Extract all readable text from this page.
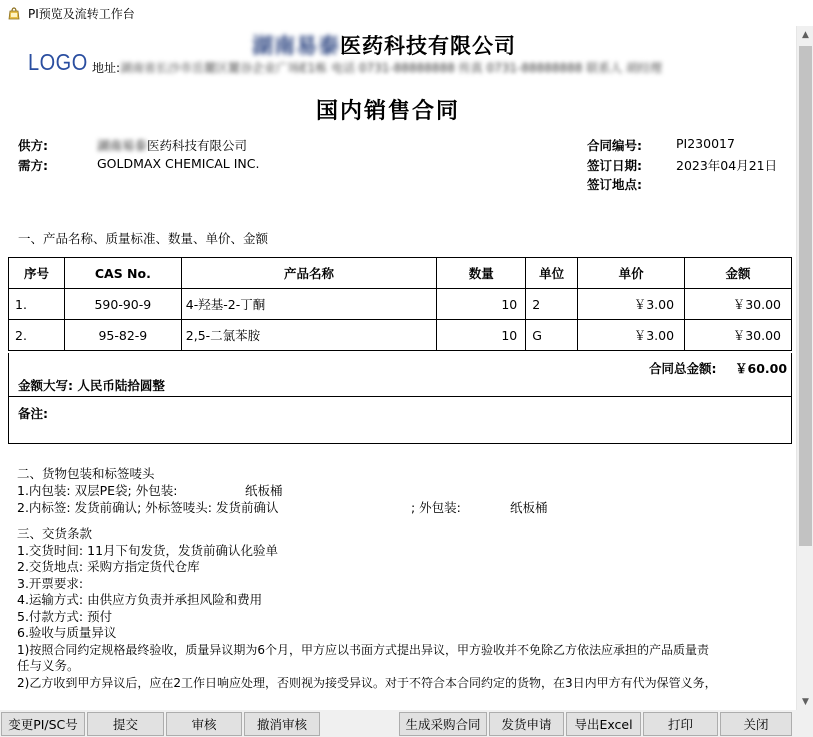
PI预览及流转工作台
湖南易泰医药科技有限公司
LOGO 地址:湖南省长沙市岳麓区麓谷企业广场E1栋 电话 0731-88888888 传真 0731-88888888 联系人 胡经理
国内销售合同
供方:	湖南易泰医药科技有限公司
需方:	GOLDMAX CHEMICAL INC.
合同编号:	PI230017
签订日期:	2023年04月21日
签订地点:
一、产品名称、质量标准、数量、单价、金额
序号	CAS No.	产品名称	数量	单位	单价	金额
1.	590-90-9	4-羟基-2-丁酮	10	2	￥3.00	￥30.00
2.	95-82-9	2,5-二氯苯胺	10	G	￥3.00	￥30.00
合同总金额: ￥60.00
金额大写: 人民币陆拾圆整
备注:
二、货物包装和标签唛头
1.内包装: 双层PE袋; 外包装:	纸板桶
2.内标签: 发货前确认; 外标签唛头: 发货前确认	; 外包装:	纸板桶
三、交货条款
1.交货时间: 11月下旬发货，发货前确认化验单
2.交货地点: 采购方指定货代仓库
3.开票要求:
4.运输方式: 由供应方负责并承担风险和费用
5.付款方式: 预付
6.验收与质量异议
1)按照合同约定规格最终验收，质量异议期为6个月，甲方应以书面方式提出异议，甲方验收并不免除乙方依法应承担的产品质量责
任与义务。
2)乙方收到甲方异议后，应在2工作日响应处理，否则视为接受异议。对于不符合本合同约定的货物，在3日内甲方有代为保管义务，
▲
▼
变更PI/SC号	提交	审核	撤消审核	生成采购合同	发货申请	导出Excel	打印	关闭
